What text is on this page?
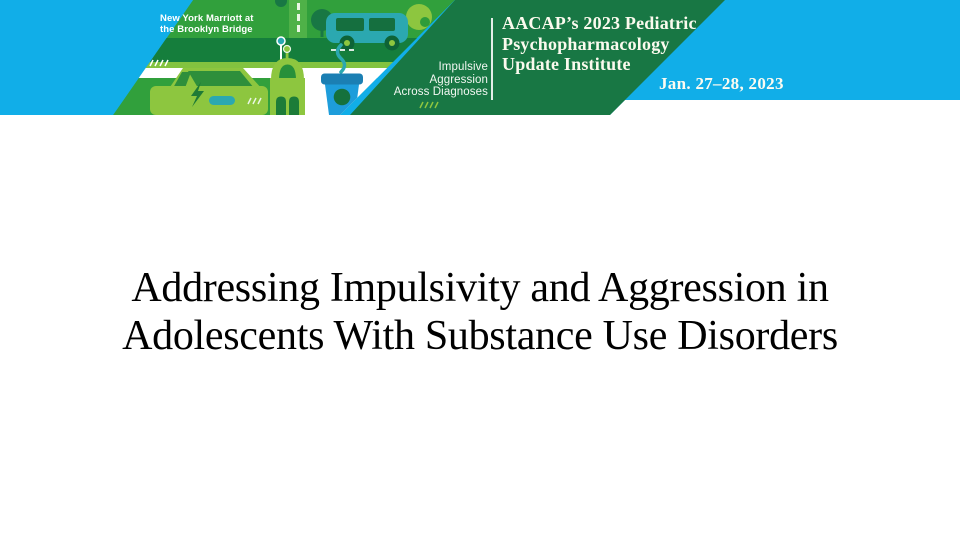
New York Marriott at
the Brooklyn Bridge
Impulsive
Aggression
Across Diagnoses
AACAP’s 2023 Pediatric
Psychopharmacology
Update Institute
Jan. 27–28, 2023
Addressing Impulsivity and Aggression in
Adolescents With Substance Use Disorders
